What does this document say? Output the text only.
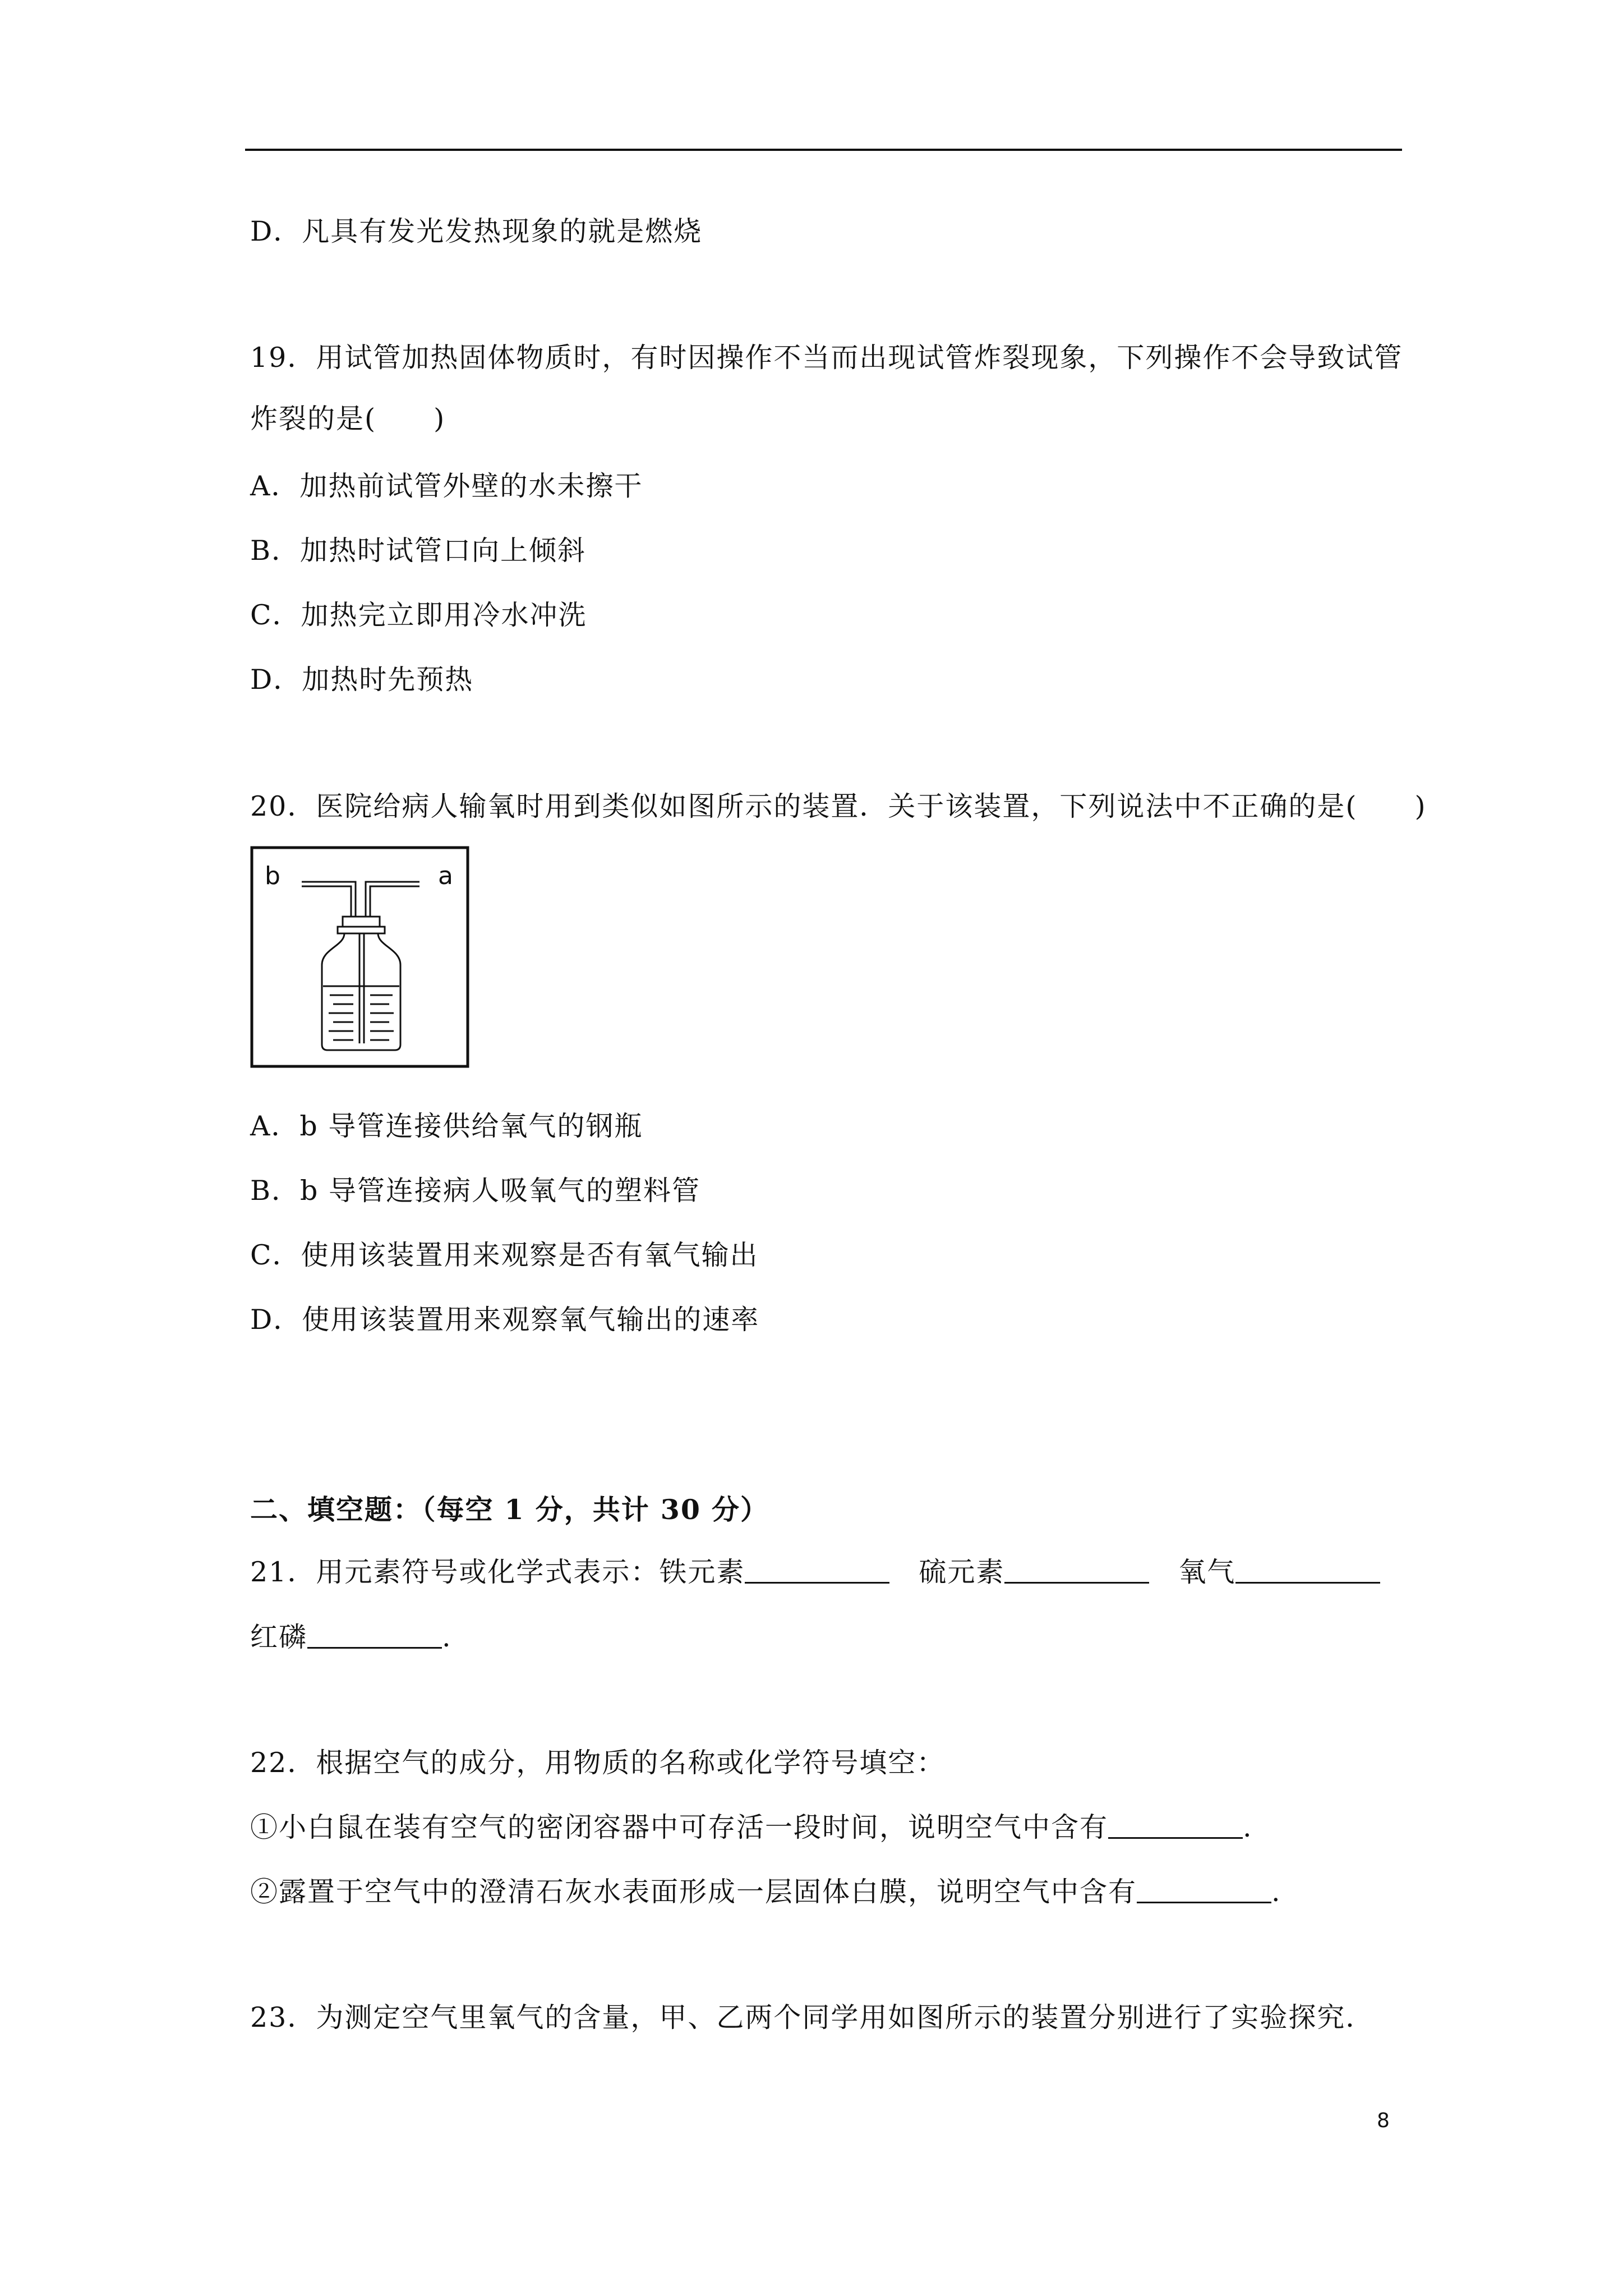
D．凡具有发光发热现象的就是燃烧
19．用试管加热固体物质时，有时因操作不当而出现试管炸裂现象，下列操作不会导致试管
炸裂的是(　　)
A．加热前试管外壁的水未擦干
B．加热时试管口向上倾斜
C．加热完立即用冷水冲洗
D．加热时先预热
20．医院给病人输氧时用到类似如图所示的装置．关于该装置，下列说法中不正确的是(　　)
b	a
A．b 导管连接供给氧气的钢瓶
B．b 导管连接病人吸氧气的塑料管
C．使用该装置用来观察是否有氧气输出
D．使用该装置用来观察氧气输出的速率
二、填空题：（每空 1 分，共计 30 分）
21．用元素符号或化学式表示：铁元素	硫元素	氧气
红磷	.
22．根据空气的成分，用物质的名称或化学符号填空：
①小白鼠在装有空气的密闭容器中可存活一段时间，说明空气中含有	.
②露置于空气中的澄清石灰水表面形成一层固体白膜，说明空气中含有	.
23．为测定空气里氧气的含量，甲、乙两个同学用如图所示的装置分别进行了实验探究．
8
